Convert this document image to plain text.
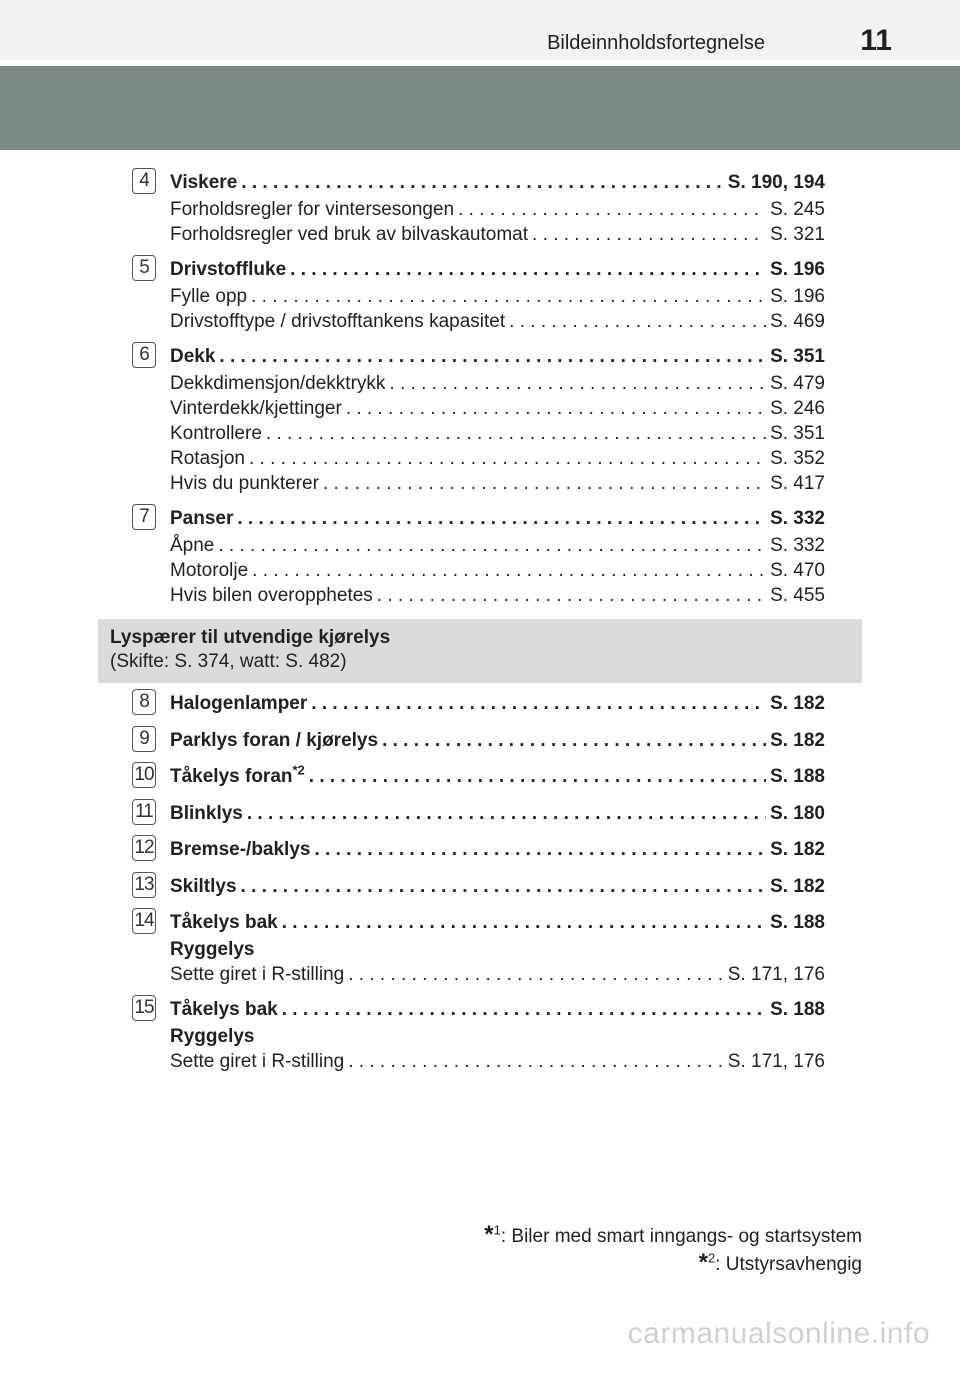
Bildeinnholdsfortegnelse	11
4	Viskere . . .	S. 190, 194
Forholdsregler for vintersesongen . . .	S. 245
Forholdsregler ved bruk av bilvaskautomat . . .	S. 321
5	Drivstoffluke . . .	S. 196
Fylle opp . . .	S. 196
Drivstofftype / drivstofftankens kapasitet . . .	S. 469
6	Dekk . . .	S. 351
Dekkdimensjon/dekktrykk . . .	S. 479
Vinterdekk/kjettinger . . .	S. 246
Kontrollere . . .	S. 351
Rotasjon . . .	S. 352
Hvis du punkterer . . .	S. 417
7	Panser . . .	S. 332
Åpne . . .	S. 332
Motorolje . . .	S. 470
Hvis bilen overopphetes . . .	S. 455
Lyspærer til utvendige kjørelys
(Skifte: S. 374, watt: S. 482)
8	Halogenlamper . . .	S. 182
9	Parklys foran / kjørelys . . .	S. 182
10 Tåkelys foran$^{*2}$ . . .	S. 188
11 Blinklys . . .	S. 180
12 Bremse-/baklys . . .	S. 182
13 Skiltlys . . .	S. 182
14 Tåkelys bak . . .	S. 188
Ryggelys
Sette giret i R-stilling . . .	S. 171, 176
15 Tåkelys bak . . .	S. 188
Ryggelys
Sette giret i R-stilling . . .	S. 171, 176
*$^1$: Biler med smart inngangs- og startsystem
*$^2$: Utstyrsavhengig
carmanualsonline.info
